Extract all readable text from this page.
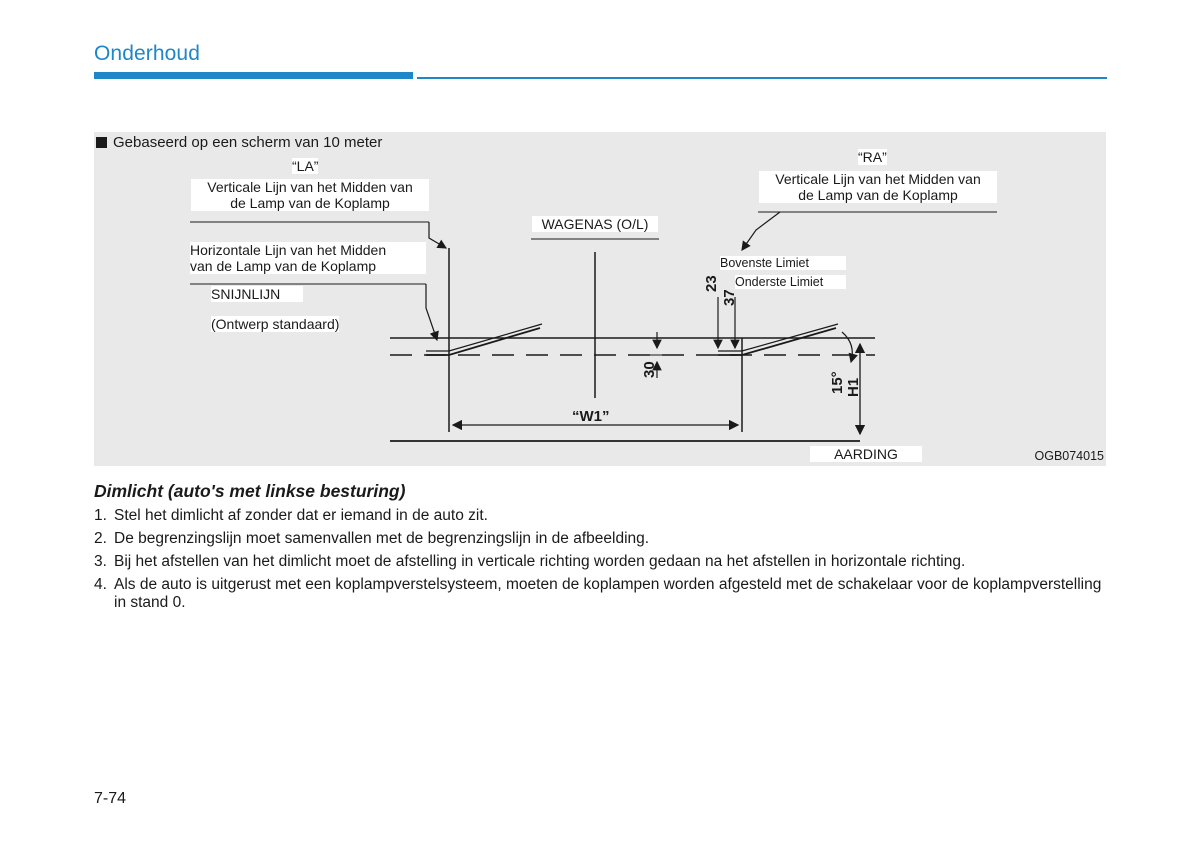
Onderhoud
30
23
37
“W1”
15° H1
Gebaseerd op een scherm van 10 meter
“LA”
Verticale Lijn van het Midden van
de Lamp van de Koplamp
Horizontale Lijn van het Midden
van de Lamp van de Koplamp
SNIJNLIJN
(Ontwerp standaard)
WAGENAS (O/L)
“RA”
Verticale Lijn van het Midden van
de Lamp van de Koplamp
Bovenste Limiet
Onderste Limiet
AARDING	OGB074015
Dimlicht (auto's met linkse besturing)
1. Stel het dimlicht af zonder dat er iemand in de auto zit.
2. De begrenzingslijn moet samenvallen met de begrenzingslijn in de afbeelding.
3. Bij het afstellen van het dimlicht moet de afstelling in verticale richting worden gedaan na het afstellen in horizontale richting.
4. Als de auto is uitgerust met een koplampverstelsysteem, moeten de koplampen worden afgesteld met de schakelaar voor de koplampverstelling in stand 0.
7-74
